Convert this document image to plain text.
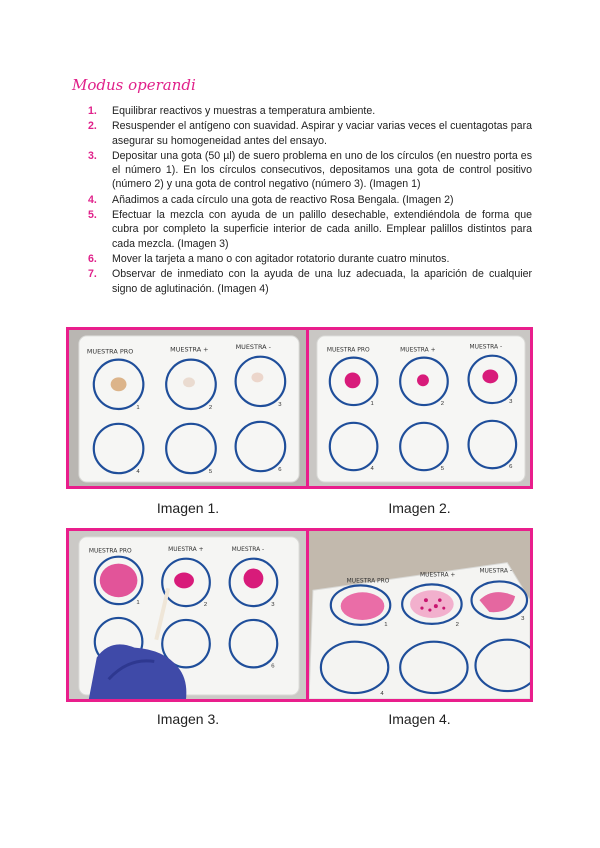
Modus operandi
1. Equilibrar reactivos y muestras a temperatura ambiente.
2. Resuspender el antígeno con suavidad. Aspirar y vaciar varias veces el cuentagotas para asegurar su homogeneidad antes del ensayo.
3. Depositar una gota (50 µl) de suero problema en uno de los círculos (en nuestro porta es el número 1). En los círculos consecutivos, depositamos una gota de control positivo (número 2) y una gota de control negativo (número 3). (Imagen 1)
4. Añadimos a cada círculo una gota de reactivo Rosa Bengala. (Imagen 2)
5. Efectuar la mezcla con ayuda de un palillo desechable, extendiéndola de forma que cubra por completo la superficie interior de cada anillo. Emplear palillos distintos para cada mezcla. (Imagen 3)
6. Mover la tarjeta a mano o con agitador rotatorio durante cuatro minutos.
7. Observar de inmediato con la ayuda de una luz adecuada, la aparición de cualquier signo de aglutinación. (Imagen 4)
MUESTRA PRO	MUESTRA +	MUESTRA -
1	2	3
4	5	6
MUESTRA PRO	MUESTRA +	MUESTRA -
1	2	3
4	5	6
Imagen 1.	Imagen 2.
MUESTRA PRO	MUESTRA +	MUESTRA -
1	2	3
6
MUESTRA PRO
MUESTRA +
MUESTRA -
1	2
3
4
Imagen 3.	Imagen 4.
